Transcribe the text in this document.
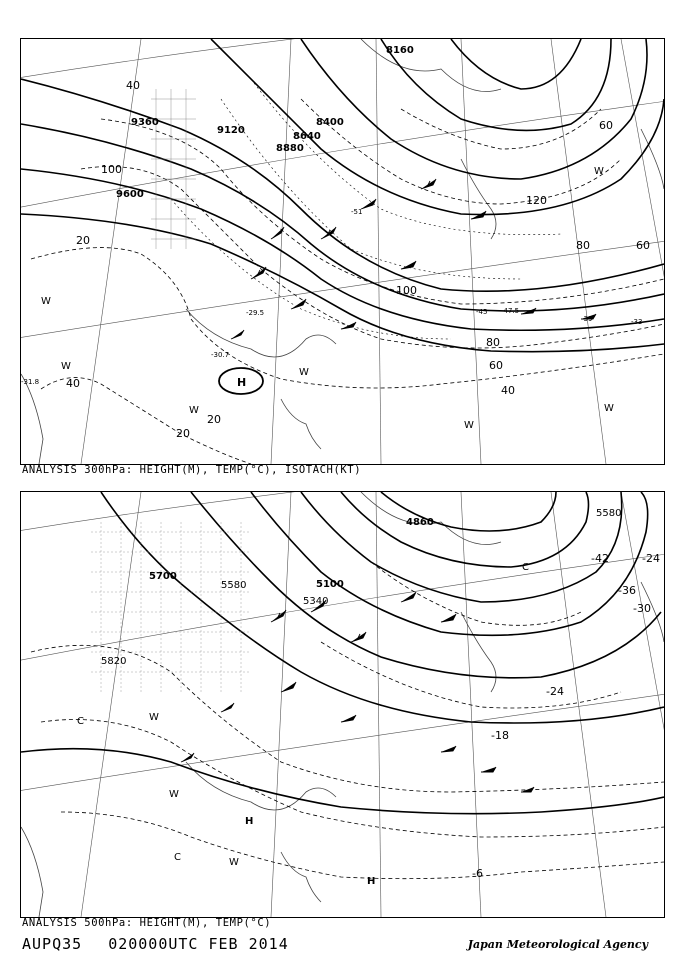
H
8160
8400
8640
8880
9120
9360
9600
20
40
60
80
100
120
20
40
100
80	60
60
40
20
-51
-45 -47.5
-39	-33
-31.8
-30.7
-29.5
W
W
W
W
W
W
W
ANALYSIS 300hPa: HEIGHT(M), TEMP(°C), ISOTACH(KT)
4860
5100
5700
5340
5580
5580
5820
-42	-24
-36
-30
-24
-18
-6
H
H
C
C
C
W
W
W
ANALYSIS 500hPa: HEIGHT(M), TEMP(°C)
AUPQ35 020000UTC FEB 2014	Japan Meteorological Agency
